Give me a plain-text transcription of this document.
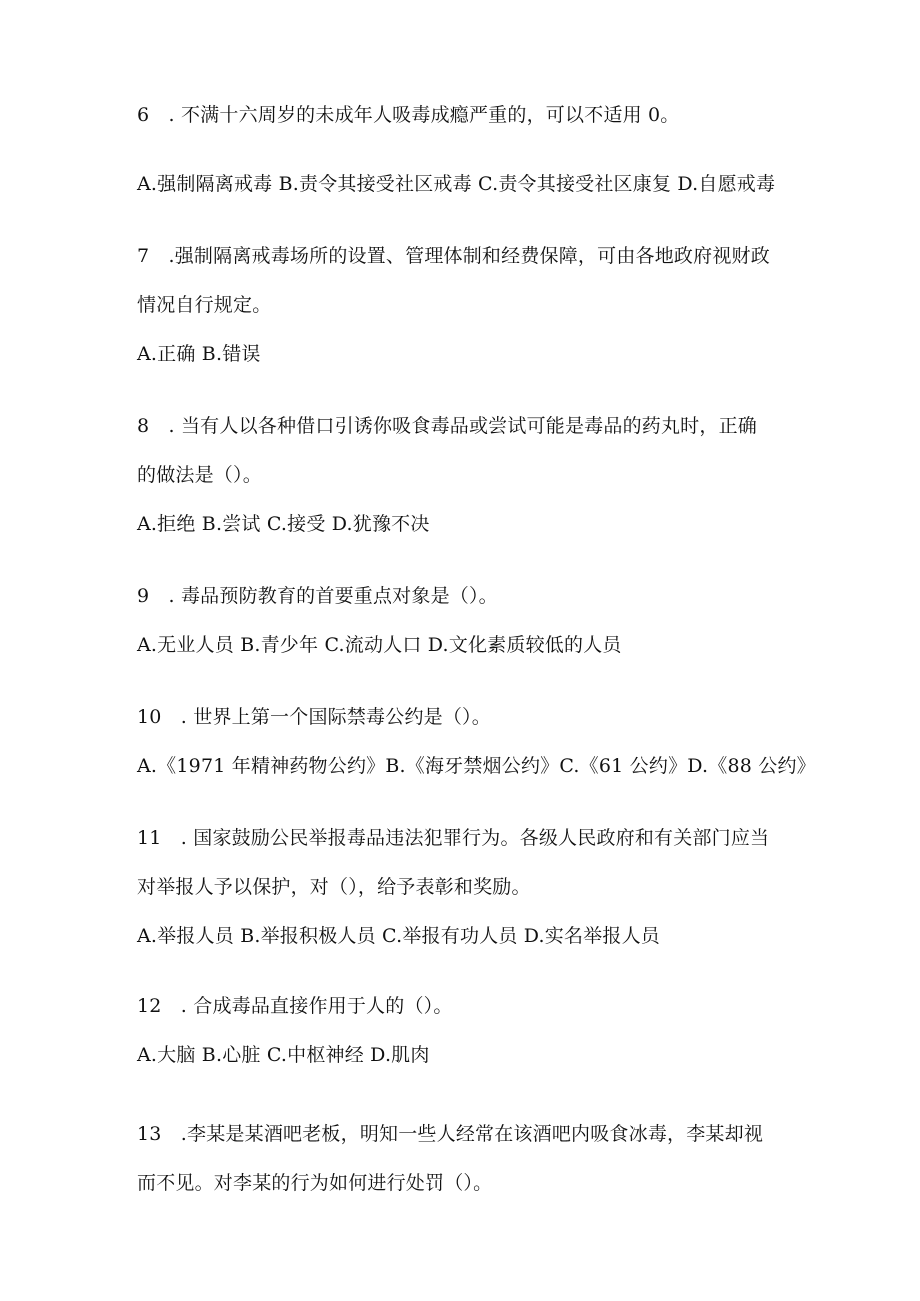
6　. 不满十六周岁的未成年人吸毒成瘾严重的，可以不适用 0。
A.强制隔离戒毒 B.责令其接受社区戒毒 C.责令其接受社区康复 D.自愿戒毒
7　.强制隔离戒毒场所的设置、管理体制和经费保障，可由各地政府视财政
情况自行规定。
A.正确 B.错误
8　. 当有人以各种借口引诱你吸食毒品或尝试可能是毒品的药丸时，正确
的做法是（）。
A.拒绝 B.尝试 C.接受 D.犹豫不决
9　. 毒品预防教育的首要重点对象是（）。
A.无业人员 B.青少年 C.流动人口 D.文化素质较低的人员
10　. 世界上第一个国际禁毒公约是（）。
A.《1971 年精神药物公约》B.《海牙禁烟公约》C.《61 公约》D.《88 公约》
11　. 国家鼓励公民举报毒品违法犯罪行为。各级人民政府和有关部门应当
对举报人予以保护，对（），给予表彰和奖励。
A.举报人员 B.举报积极人员 C.举报有功人员 D.实名举报人员
12　. 合成毒品直接作用于人的（）。
A.大脑 B.心脏 C.中枢神经 D.肌肉
13　.李某是某酒吧老板，明知一些人经常在该酒吧内吸食冰毒，李某却视
而不见。对李某的行为如何进行处罚（）。
